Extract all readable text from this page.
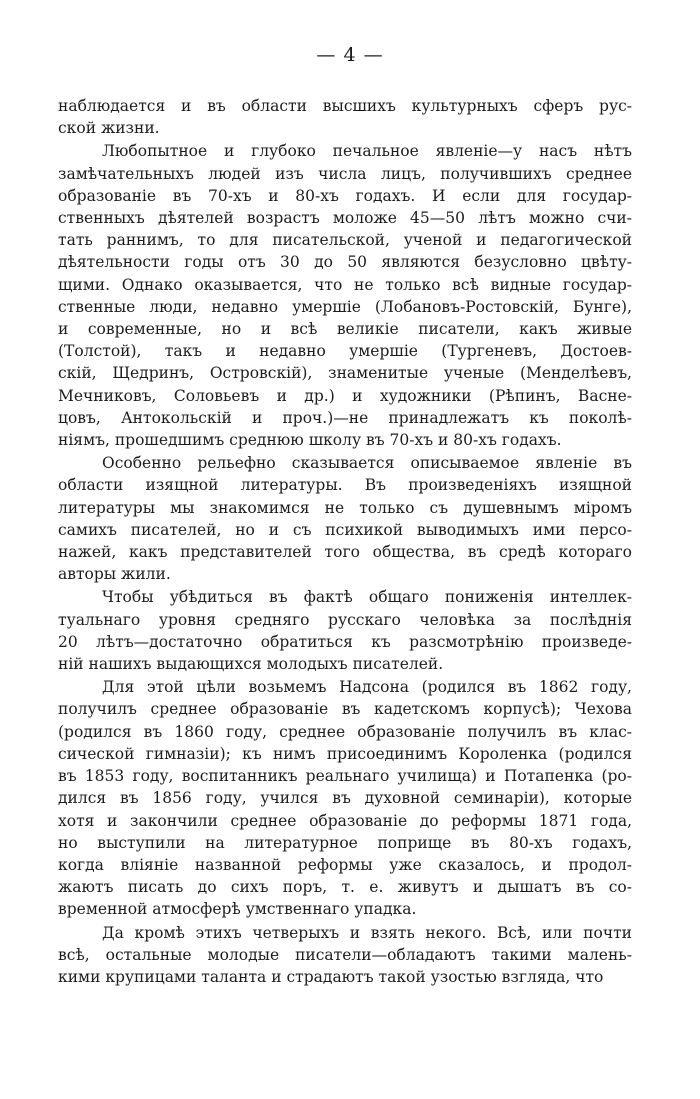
— 4 —

наблюдается и въ области высшихъ культурныхъ сферъ рус-
ской жизни.

Любопытное и глубоко печальное явленіе—у насъ нѣтъ
замѣчательныхъ людей изъ числа лицъ, получившихъ среднее
образованіе въ 70-хъ и 80-хъ годахъ. И если для государ-
ственныхъ дѣятелей возрастъ моложе 45—50 лѣтъ можно счи-
тать раннимъ, то для писательской, ученой и педагогической
дѣятельности годы отъ 30 до 50 являются безусловно цвѣту-
щими. Однако оказывается, что не только всѣ видные государ-
ственные люди, недавно умершіе (Лобановъ-Ростовскій, Бунге),
и современные, но и всѣ великіе писатели, какъ живые
(Толстой), такъ и недавно умершіе (Тургеневъ, Достоев-
скій, Щедринъ, Островскій), знаменитые ученые (Менделѣевъ,
Мечниковъ, Соловьевъ и др.) и художники (Рѣпинъ, Васне-
цовъ, Антокольскій и проч.)—не принадлежатъ къ поколѣ-
ніямъ, прошедшимъ среднюю школу въ 70-хъ и 80-хъ годахъ.

Особенно рельефно сказывается описываемое явленіе въ
области изящной литературы. Въ произведеніяхъ изящной
литературы мы знакомимся не только съ душевнымъ міромъ
самихъ писателей, но и съ психикой выводимыхъ ими персо-
нажей, какъ представителей того общества, въ средѣ котораго
авторы жили.

Чтобы убѣдиться въ фактѣ общаго пониженія интеллек-
туальнаго уровня средняго русскаго человѣка за послѣднія
20 лѣтъ—достаточно обратиться къ разсмотрѣнію произведе-
ній нашихъ выдающихся молодыхъ писателей.

Для этой цѣли возьмемъ Надсона (родился въ 1862 году,
получилъ среднее образованіе въ кадетскомъ корпусѣ); Чехова
(родился въ 1860 году, среднее образованіе получилъ въ клас-
сической гимназіи); къ нимъ присоединимъ Короленка (родился
въ 1853 году, воспитанникъ реальнаго училища) и Потапенка (ро-
дился въ 1856 году, учился въ духовной семинаріи), которые
хотя и закончили среднее образованіе до реформы 1871 года,
но выступили на литературное поприще въ 80-хъ годахъ,
когда вліяніе названной реформы уже сказалось, и продол-
жаютъ писать до сихъ поръ, т. е. живутъ и дышатъ въ со-
временной атмосферѣ умственнаго упадка.

Да кромѣ этихъ четверыхъ и взять некого. Всѣ, или почти
всѣ, остальные молодые писатели—обладаютъ такими малень-
кими крупицами таланта и страдаютъ такой узостью взгляда, что
